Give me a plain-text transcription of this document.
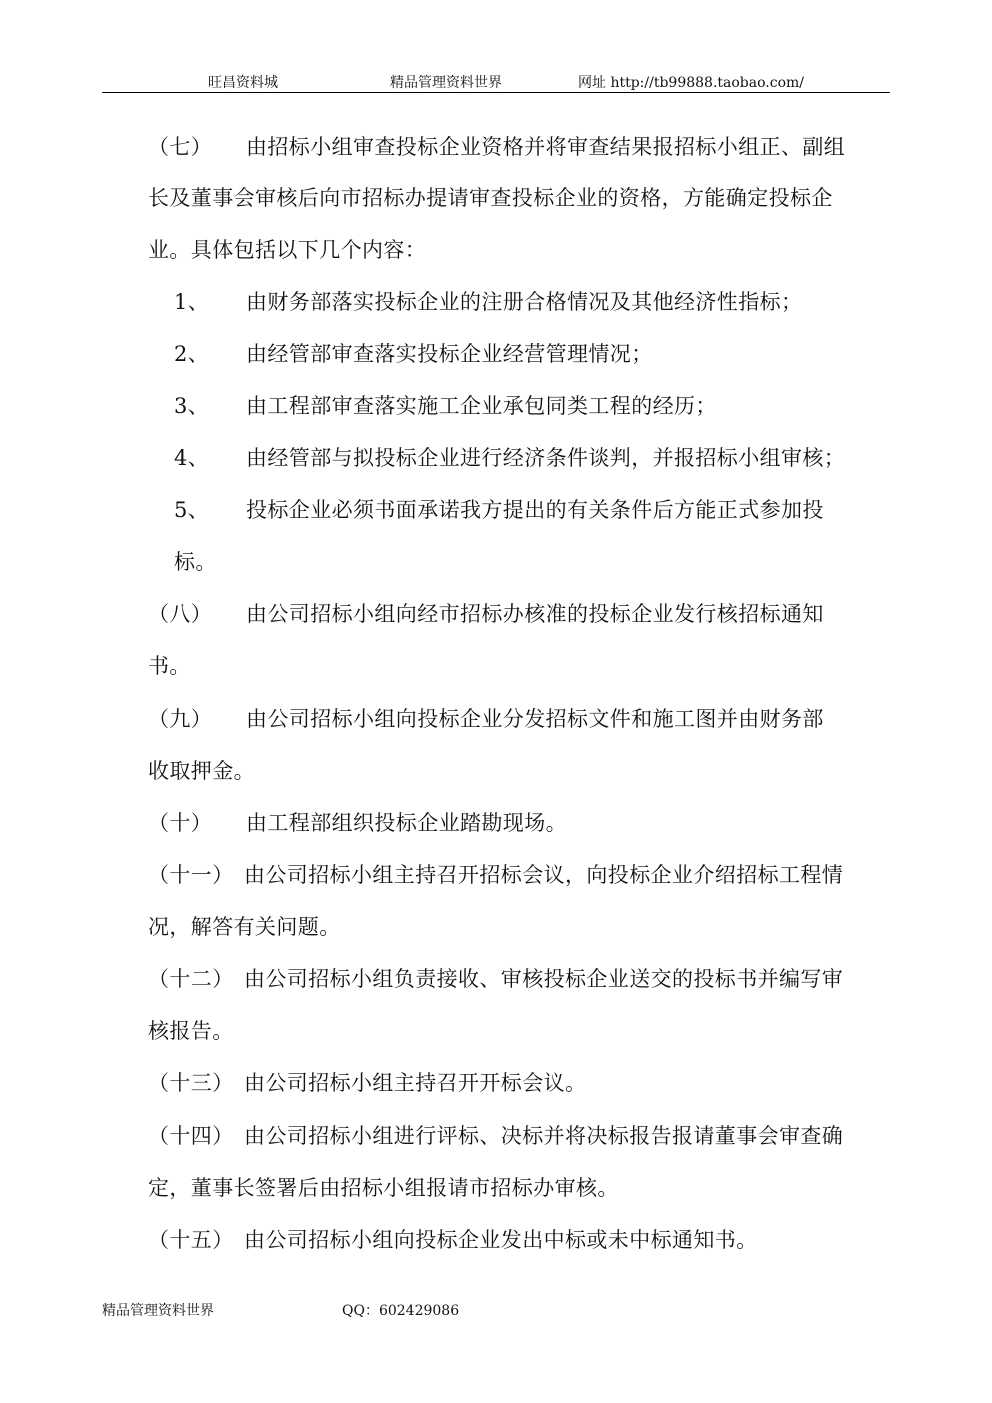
旺昌资料城	精品管理资料世界	网址 http://tb99888.taobao.com/
（七） 由招标小组审查投标企业资格并将审查结果报招标小组正、副组
长及董事会审核后向市招标办提请审查投标企业的资格，方能确定投标企
业。具体包括以下几个内容：
1、 由财务部落实投标企业的注册合格情况及其他经济性指标；
2、 由经管部审查落实投标企业经营管理情况；
3、 由工程部审查落实施工企业承包同类工程的经历；
4、 由经管部与拟投标企业进行经济条件谈判，并报招标小组审核；
5、 投标企业必须书面承诺我方提出的有关条件后方能正式参加投
标。
（八） 由公司招标小组向经市招标办核准的投标企业发行核招标通知
书。
（九） 由公司招标小组向投标企业分发招标文件和施工图并由财务部
收取押金。
（十） 由工程部组织投标企业踏勘现场。
（十一） 由公司招标小组主持召开招标会议，向投标企业介绍招标工程情
况，解答有关问题。
（十二） 由公司招标小组负责接收、审核投标企业送交的投标书并编写审
核报告。
（十三） 由公司招标小组主持召开开标会议。
（十四） 由公司招标小组进行评标、决标并将决标报告报请董事会审查确
定，董事长签署后由招标小组报请市招标办审核。
（十五） 由公司招标小组向投标企业发出中标或未中标通知书。
精品管理资料世界	QQ：602429086
